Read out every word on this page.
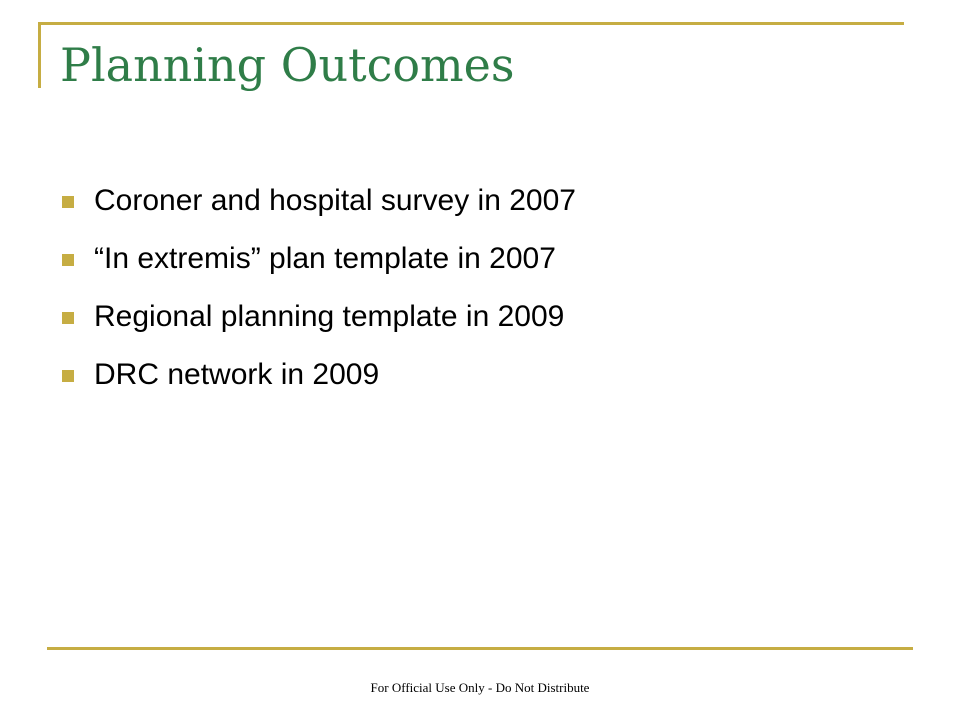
Planning Outcomes
Coroner and hospital survey in 2007
“In extremis” plan template in 2007
Regional planning template in 2009
DRC network in 2009
For Official Use Only - Do Not Distribute
